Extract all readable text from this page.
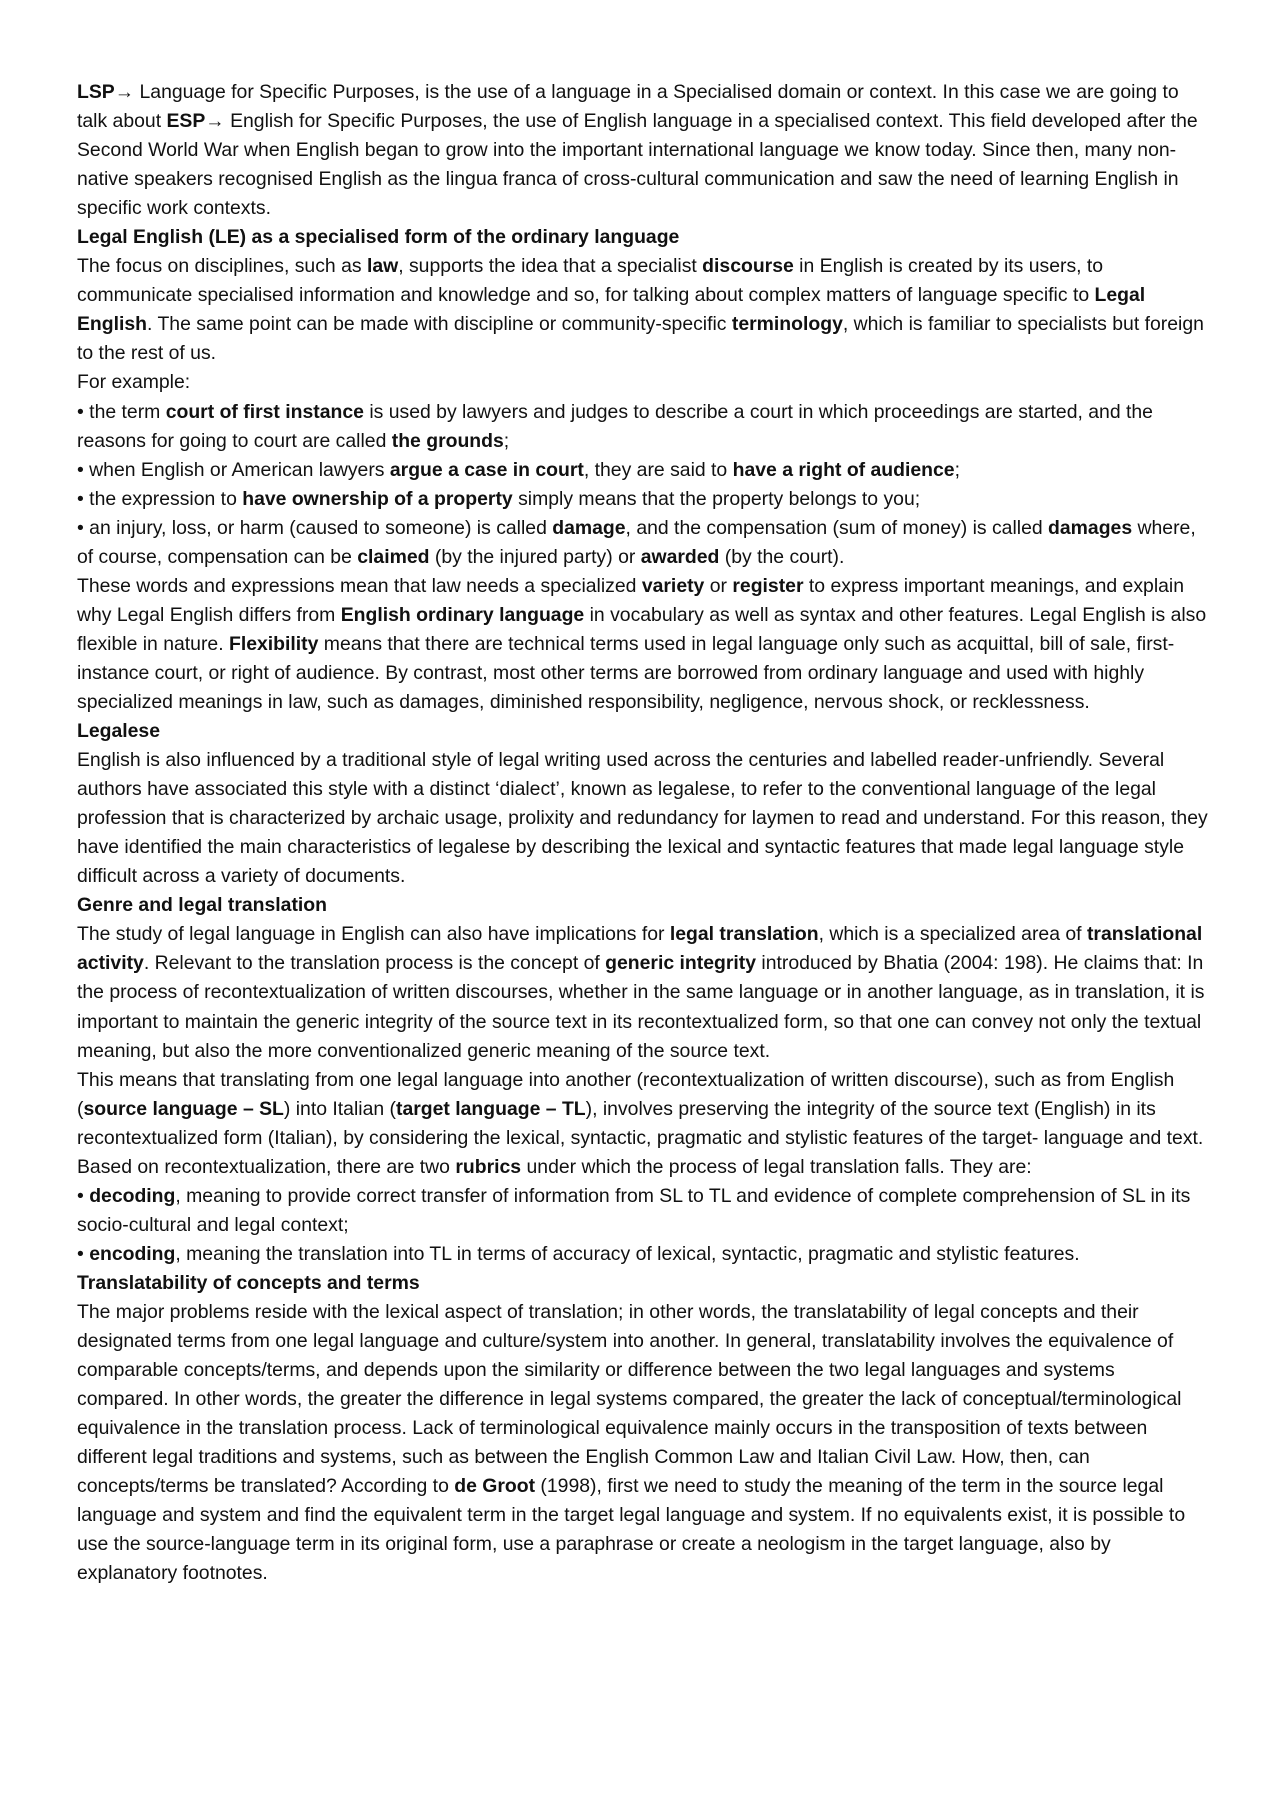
LSP→ Language for Specific Purposes, is the use of a language in a Specialised domain or context. In this case we are going to talk about ESP→ English for Specific Purposes, the use of English language in a specialised context. This field developed after the Second World War when English began to grow into the important international language we know today. Since then, many non-native speakers recognised English as the lingua franca of cross-cultural communication and saw the need of learning English in specific work contexts.

Legal English (LE) as a specialised form of the ordinary language

The focus on disciplines, such as law, supports the idea that a specialist discourse in English is created by its users, to communicate specialised information and knowledge and so, for talking about complex matters of language specific to Legal English. The same point can be made with discipline or community-specific terminology, which is familiar to specialists but foreign to the rest of us.

For example:

• the term court of first instance is used by lawyers and judges to describe a court in which proceedings are started, and the reasons for going to court are called the grounds;

• when English or American lawyers argue a case in court, they are said to have a right of audience;

• the expression to have ownership of a property simply means that the property belongs to you;

• an injury, loss, or harm (caused to someone) is called damage, and the compensation (sum of money) is called damages where, of course, compensation can be claimed (by the injured party) or awarded (by the court).

These words and expressions mean that law needs a specialized variety or register to express important meanings, and explain why Legal English differs from English ordinary language in vocabulary as well as syntax and other features. Legal English is also flexible in nature. Flexibility means that there are technical terms used in legal language only such as acquittal, bill of sale, first-instance court, or right of audience. By contrast, most other terms are borrowed from ordinary language and used with highly specialized meanings in law, such as damages, diminished responsibility, negligence, nervous shock, or recklessness.

Legalese

English is also influenced by a traditional style of legal writing used across the centuries and labelled reader-unfriendly. Several authors have associated this style with a distinct ‘dialect’, known as legalese, to refer to the conventional language of the legal profession that is characterized by archaic usage, prolixity and redundancy for laymen to read and understand. For this reason, they have identified the main characteristics of legalese by describing the lexical and syntactic features that made legal language style difficult across a variety of documents.

Genre and legal translation

The study of legal language in English can also have implications for legal translation, which is a specialized area of translational activity. Relevant to the translation process is the concept of generic integrity introduced by Bhatia (2004: 198). He claims that: In the process of recontextualization of written discourses, whether in the same language or in another language, as in translation, it is important to maintain the generic integrity of the source text in its recontextualized form, so that one can convey not only the textual meaning, but also the more conventionalized generic meaning of the source text.

This means that translating from one legal language into another (recontextualization of written discourse), such as from English (source language – SL) into Italian (target language – TL), involves preserving the integrity of the source text (English) in its recontextualized form (Italian), by considering the lexical, syntactic, pragmatic and stylistic features of the target- language and text. Based on recontextualization, there are two rubrics under which the process of legal translation falls. They are:

• decoding, meaning to provide correct transfer of information from SL to TL and evidence of complete comprehension of SL in its socio-cultural and legal context;

• encoding, meaning the translation into TL in terms of accuracy of lexical, syntactic, pragmatic and stylistic features.

Translatability of concepts and terms

The major problems reside with the lexical aspect of translation; in other words, the translatability of legal concepts and their designated terms from one legal language and culture/system into another. In general, translatability involves the equivalence of comparable concepts/terms, and depends upon the similarity or difference between the two legal languages and systems compared. In other words, the greater the difference in legal systems compared, the greater the lack of conceptual/terminological equivalence in the translation process. Lack of terminological equivalence mainly occurs in the transposition of texts between different legal traditions and systems, such as between the English Common Law and Italian Civil Law. How, then, can concepts/terms be translated? According to de Groot (1998), first we need to study the meaning of the term in the source legal language and system and find the equivalent term in the target legal language and system. If no equivalents exist, it is possible to use the source-language term in its original form, use a paraphrase or create a neologism in the target language, also by explanatory footnotes.
